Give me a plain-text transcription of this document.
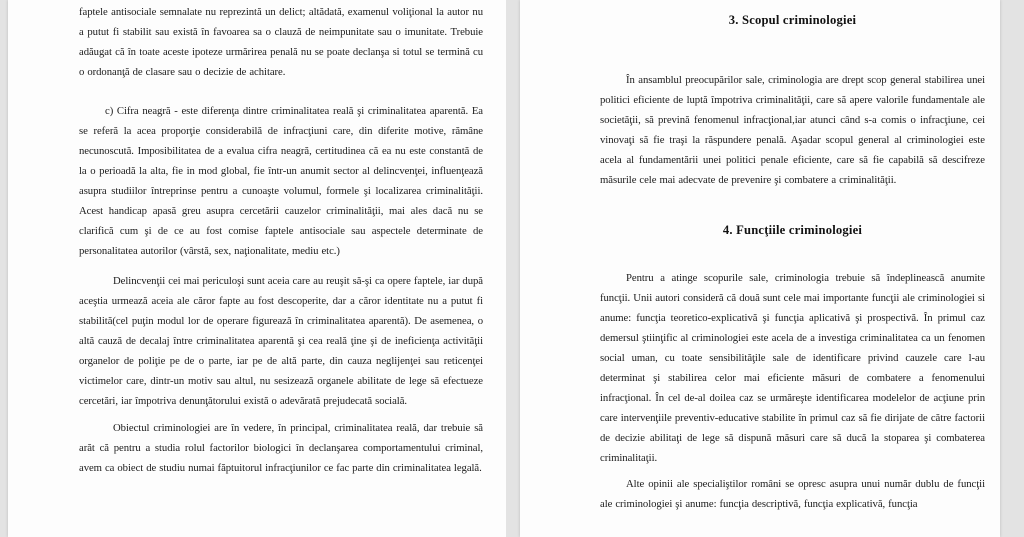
faptele antisociale semnalate nu reprezintă un delict; altădată, examenul voliţional la autor nu a putut fi stabilit sau există în favoarea sa o clauză de neimpunitate sau o imunitate. Trebuie adăugat că în toate aceste ipoteze urmărirea penală nu se poate declanşa si totul se termină cu o ordonanţă de clasare sau o decizie de achitare.

c) Cifra neagră - este diferenţa dintre criminalitatea reală şi criminalitatea aparentă. Ea se referă la acea proporţie considerabilă de infracţiuni care, din diferite motive, rămâne necunoscută. Imposibilitatea de a evalua cifra neagră, certitudinea că ea nu este constantă de la o perioadă la alta, fie in mod global, fie într-un anumit sector al delincvenţei, influenţează asupra studiilor întreprinse pentru a cunoaşte volumul, formele şi localizarea criminalităţii. Acest handicap apasă greu asupra cercetării cauzelor criminalităţii, mai ales dacă nu se clarifică cum şi de ce au fost comise faptele antisociale sau aspectele determinate de personalitatea autorilor (vârstă, sex, naţionalitate, mediu etc.)

Delincvenţii cei mai periculoşi sunt aceia care au reuşit să-şi ca opere faptele, iar după aceştia urmează aceia ale căror fapte au fost descoperite, dar a căror identitate nu a putut fi stabilită(cel puţin modul lor de operare figurează în criminalitatea aparentă). De asemenea, o altă cauză de decalaj între criminalitatea aparentă şi cea reală ţine şi de ineficienţa activităţii organelor de poliţie pe de o parte, iar pe de altă parte, din cauza neglijenţei sau reticenţei victimelor care, dintr-un motiv sau altul, nu sesizează organele abilitate de lege să efectueze cercetări, iar împotriva denunţătorului există o adevărată prejudecată socială.

Obiectul criminologiei are în vedere, în principal, criminalitatea reală, dar trebuie să arăt că pentru a studia rolul factorilor biologici în declanşarea comportamentului criminal, avem ca obiect de studiu numai făptuitorul infracţiunilor ce fac parte din criminalitatea legală.

3. Scopul criminologiei

În ansamblul preocupărilor sale, criminologia are drept scop general stabilirea unei politici eficiente de luptă împotriva criminalităţii, care să apere valorile fundamentale ale societăţii, să prevină fenomenul infracţional,iar atunci când s-a comis o infracţiune, cei vinovaţi să fie traşi la răspundere penală. Aşadar scopul general al criminologiei este acela al fundamentării unei politici penale eficiente, care să fie capabilă să descifreze măsurile cele mai adecvate de prevenire şi combatere a criminalităţii.

4. Funcţiile criminologiei

Pentru a atinge scopurile sale, criminologia trebuie să îndeplinească anumite funcţii. Unii autori consideră că două sunt cele mai importante funcţii ale criminologiei si anume: funcţia teoretico-explicativă şi funcţia aplicativă şi prospectivă. În primul caz demersul ştiinţific al criminologiei este acela de a investiga criminalitatea ca un fenomen social uman, cu toate sensibilităţile sale de identificare privind cauzele care l-au determinat şi stabilirea celor mai eficiente măsuri de combatere a fenomenului infracţional. În cel de-al doilea caz se urmăreşte identificarea modelelor de acţiune prin care intervenţiile preventiv-educative stabilite în primul caz să fie dirijate de către factorii de decizie abilitaţi de lege să dispună măsuri care să ducă la stoparea şi combaterea criminalitaţii.

Alte opinii ale specialiştilor români se opresc asupra unui număr dublu de funcţii ale criminologiei şi anume: funcţia descriptivă, funcţia explicativă, funcţia
